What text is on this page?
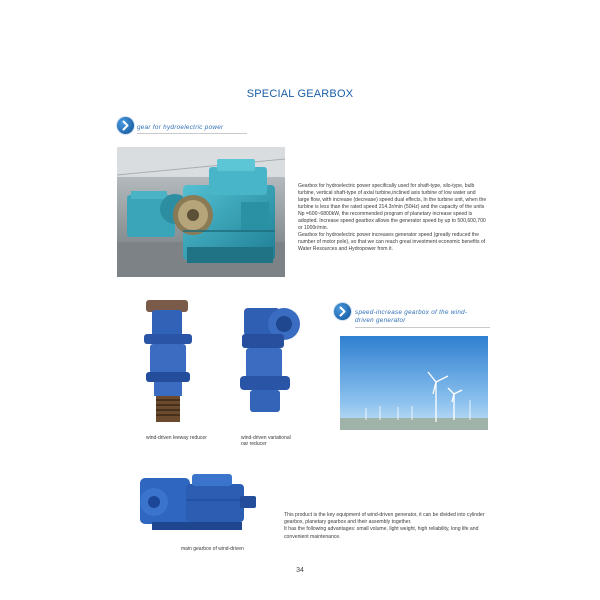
SPECIAL GEARBOX
gear for hydroelectric power
Gearbox for hydroelectric power specifically used for shaft-type, silo-type, bulb turbine, vertical shaft-type of axial turbine,inclined axis turbine of low water and large flow, with increase (decrease) speed dual effects, In the turbine unit, when the turbine is less than the rated speed 214.3r/min (50Hz) and the capacity of the units Np =600~6800kW, the recommended program of planetary increase speed is adopted. Increase speed gearbox allows the generator speed by up to 500,600,700 or 1000r/min.
Gearbox for hydroelectric power increases generator speed (greatly reduced the number of motor pole), so that we can reach great investment economic benefits of Water Resources and Hydropower from it.
wind-driven leeway reducer	wind-driven variational
oar reducer
speed-increase gearbox of the wind-
driven generator
main gearbox of wind-driven
This product is the key equipment of wind-driven generator, it can be divided into cylinder gearbox, planetary gearbox and their assembly together.
It has the following advantages: small volume, light weight, high reliability, long life and convenient maintenance.
34
